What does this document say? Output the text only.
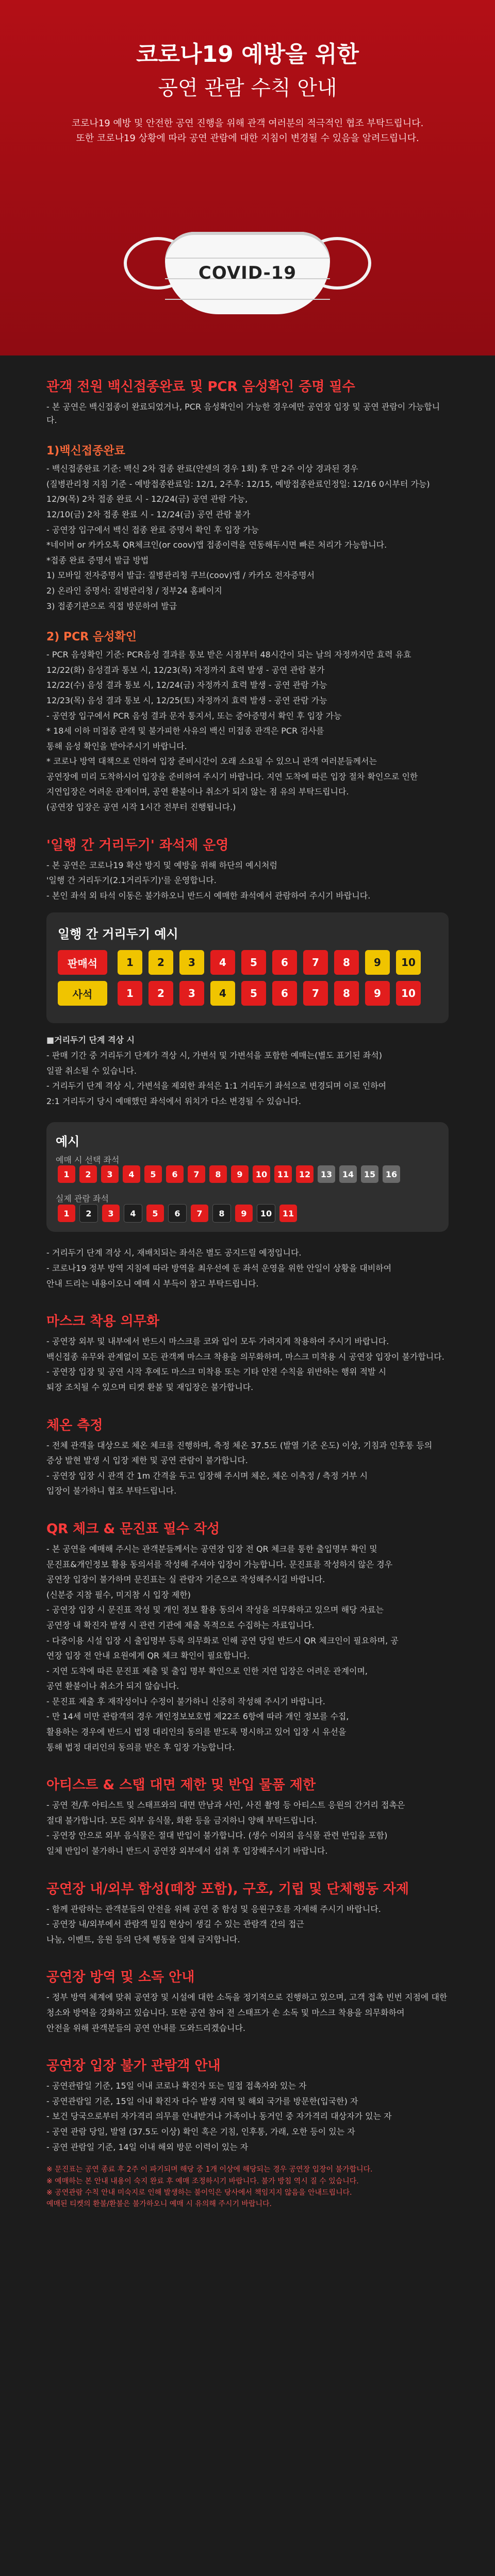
코로나19 예방을 위한
공연 관람 수칙 안내
코로나19 예방 및 안전한 공연 진행을 위해 관객 여러분의 적극적인 협조 부탁드립니다.
또한 코로나19 상황에 따라 공연 관람에 대한 지침이 변경될 수 있음을 알려드립니다.
COVID-19
관객 전원 백신접종완료 및 PCR 음성확인 증명 필수

- 본 공연은 백신접종이 완료되었거나, PCR 음성확인이 가능한 경우에만 공연장 입장 및 공연 관람이 가능합니다.

1)백신접종완료

- 백신접종완료 기준: 백신 2차 접종 완료(얀센의 경우 1회) 후 만 2주 이상 경과된 경우

(질병관리청 지침 기준 - 예방접종완료일: 12/1, 2주후: 12/15, 예방접종완료인정일: 12/16 0시부터 가능)

12/9(목) 2차 접종 완료 시 - 12/24(금) 공연 관람 가능,

12/10(금) 2차 접종 완료 시 - 12/24(금) 공연 관람 불가

- 공연장 입구에서 백신 접종 완료 증명서 확인 후 입장 가능

*네이버 or 카카오톡 QR체크인(or coov)앱 접종이력을 연동해두시면 빠른 처리가 가능합니다.

*접종 완료 증명서 발급 방법

1) 모바일 전자증명서 발급: 질병관리청 쿠브(coov)앱 / 카카오 전자증명서

2) 온라인 증명서: 질병관리청 / 정부24 홈페이지

3) 접종기관으로 직접 방문하여 발급

2) PCR 음성확인

- PCR 음성확인 기준: PCR음성 결과를 통보 받은 시점부터 48시간이 되는 날의 자정까지만 효력 유효

12/22(화) 음성결과 통보 시, 12/23(목) 자정까지 효력 발생 - 공연 관람 불가

12/22(수) 음성 결과 통보 시, 12/24(금) 자정까지 효력 발생 - 공연 관람 가능

12/23(목) 음성 결과 통보 시, 12/25(토) 자정까지 효력 발생 - 공연 관람 가능

- 공연장 입구에서 PCR 음성 결과 문자 통지서, 또는 증아증명서 확인 후 입장 가능

* 18세 이하 미접종 관객 및 불가피한 사유의 백신 미접종 관객은 PCR 검사를

통해 음성 확인을 받아주시기 바랍니다.

* 코로나 방역 대책으로 인하여 입장 준비시간이 오래 소요될 수 있으니 관객 여러분들께서는

공연장에 미리 도착하시어 입장을 준비하여 주시기 바랍니다. 지연 도착에 따른 입장 절차 확인으로 인한

지연입장은 어려운 관계이며, 공연 환불이나 취소가 되지 않는 점 유의 부탁드립니다.

(공연장 입장은 공연 시작 1시간 전부터 진행됩니다.)

'일행 간 거리두기' 좌석제 운영

- 본 공연은 코로나19 확산 방지 및 예방을 위해 하단의 예시처럼

'일행 간 거리두기(2.1거리두기)'를 운영합니다.

- 본인 좌석 외 타석 이동은 불가하오니 반드시 예매한 좌석에서 관람하여 주시기 바랍니다.

일행 간 거리두기 예시
판매석	1	2	3	4	5	6	7	8	9	10
사석	1	2	3	4	5	6	7	8	9	10

■거리두기 단계 격상 시

- 판매 기간 중 거리두기 단계가 격상 시, 가변석 및 가변석을 포함한 예매는(별도 표기된 좌석)

일괄 취소될 수 있습니다.

- 거리두기 단계 격상 시, 가변석을 제외한 좌석은 1:1 거리두기 좌석으로 변경되며 이로 인하여

2:1 거리두기 당시 예매했던 좌석에서 위치가 다소 변경될 수 있습니다.

예시
예매 시 선택 좌석
1	2	3	4	5	6	7	8	9	10	11	12	13	14	15	16
실제 관람 좌석
1	2	3	4	5	6	7	8	9	10	11

- 거리두기 단계 격상 시, 재배치되는 좌석은 별도 공지드릴 예정입니다.

- 코로나19 정부 방역 지침에 따라 방역을 최우선에 둔 좌석 운영을 위한 안일이 상황을 대비하여

안내 드리는 내용이오니 예매 시 부득이 참고 부탁드립니다.

마스크 착용 의무화

- 공연장 외부 및 내부에서 반드시 마스크를 코와 입이 모두 가려지게 착용하여 주시기 바랍니다.

백신접종 유무와 관계없이 모든 관객께 마스크 착용을 의무화하며, 마스크 미착용 시 공연장 입장이 불가합니다.

- 공연장 입장 및 공연 시작 후에도 마스크 미착용 또는 기타 안전 수칙을 위반하는 행위 적발 시

퇴장 조치될 수 있으며 티켓 환불 및 재입장은 불가합니다.

체온 측정

- 전체 관객을 대상으로 체온 체크를 진행하며, 측정 체온 37.5도 (발열 기준 온도) 이상, 기침과 인후통 등의

증상 발현 발생 시 입장 제한 및 공연 관람이 불가합니다.

- 공연장 입장 시 관객 간 1m 간격을 두고 입장해 주시며 체온, 체온 이측정 / 측정 거부 시

입장이 불가하니 협조 부탁드립니다.

QR 체크 & 문진표 필수 작성

- 본 공연을 예매해 주시는 관객분들께서는 공연장 입장 전 QR 체크를 통한 출입명부 확인 및

문진표&개인정보 활용 동의서를 작성해 주셔야 입장이 가능합니다. 문진표를 작성하지 않은 경우

공연장 입장이 불가하며 문진표는 실 관람자 기준으로 작성해주시길 바랍니다.

(신분증 지참 필수, 미지참 시 입장 제한)

- 공연장 입장 시 문진표 작성 및 개인 정보 활용 동의서 작성을 의무화하고 있으며 해당 자료는

공연장 내 확진자 발생 시 관련 기관에 제출 목적으로 수집하는 자료입니다.

- 다중이용 시설 입장 시 출입명부 등록 의무화로 인해 공연 당일 반드시 QR 체크인이 필요하며, 공

연장 입장 전 안내 요원에게 QR 체크 확인이 필요합니다.

- 지연 도착에 따른 문진표 제출 및 출입 명부 확인으로 인한 지연 입장은 어려운 관계이며,

공연 환불이나 취소가 되지 않습니다.

- 문진표 제출 후 재작성이나 수정이 불가하니 신중히 작성해 주시기 바랍니다.

- 만 14세 미만 관람객의 경우 개인정보보호법 제22조 6항에 따라 개인 정보를 수집,

활용하는 경우에 반드시 법정 대리인의 동의를 받도록 명시하고 있어 입장 시 유선을

통해 법정 대리인의 동의를 받은 후 입장 가능합니다.

아티스트 & 스탭 대면 제한 및 반입 물품 제한

- 공연 전/후 아티스트 및 스태프와의 대면 만남과 사인, 사진 촬영 등 아티스트 응원의 간거리 접촉은

절대 불가합니다. 모든 외부 음식물, 화환 등을 금지하니 양해 부탁드립니다.

- 공연장 안으로 외부 음식물은 절대 반입이 불가합니다. (생수 이외의 음식물 관련 반입을 포함)

일체 반입이 불가하니 반드시 공연장 외부에서 섭취 후 입장해주시기 바랍니다.

공연장 내/외부 함성(떼창 포함), 구호, 기립 및 단체행동 자제

- 함께 관람하는 관객분들의 안전을 위해 공연 중 함성 및 응원구호를 자제해 주시기 바랍니다.

- 공연장 내/외부에서 관람객 밀집 현상이 생길 수 있는 관람객 간의 접근

나눔, 이벤트, 응원 등의 단체 행동을 일체 금지합니다.

공연장 방역 및 소독 안내

- 정부 방역 체계에 맞춰 공연장 및 시설에 대한 소독을 정기적으로 진행하고 있으며, 고객 접촉 빈번 지점에 대한

청소와 방역을 강화하고 있습니다. 또한 공연 참여 전 스태프가 손 소독 및 마스크 착용을 의무화하여

안전을 위해 관객분들의 공연 안내를 도와드리겠습니다.

공연장 입장 불가 관람객 안내

- 공연관람일 기준, 15일 이내 코로나 확진자 또는 밀접 접촉자와 있는 자

- 공연관람일 기준, 15일 이내 확진자 다수 발생 지역 및 해외 국가를 방문한(입국한) 자

- 보건 당국으로부터 자가격리 의무를 안내받거나 가족이나 동거인 중 자가격리 대상자가 있는 자

- 공연 관람 당일, 발열 (37.5도 이상) 확인 혹은 기침, 인후통, 가래, 오한 등이 있는 자

- 공연 관람일 기준, 14일 이내 해외 방문 이력이 있는 자

※ 문진표는 공연 종료 후 2주 이 파기되며 해당 중 1개 이상에 해당되는 경우 공연장 입장이 불가합니다.
※ 예매하는 본 안내 내용이 숙지 완료 후 예매 조정하시기 바랍니다. 불가 방침 역시 질 수 있습니다.
※ 공연관람 수칙 안내 미숙지로 인해 발생하는 불이익은 당사에서 책임지지 않음을 안내드립니다.
예매된 티켓의 환불/환불은 불가하오니 예매 시 유의해 주시기 바랍니다.
